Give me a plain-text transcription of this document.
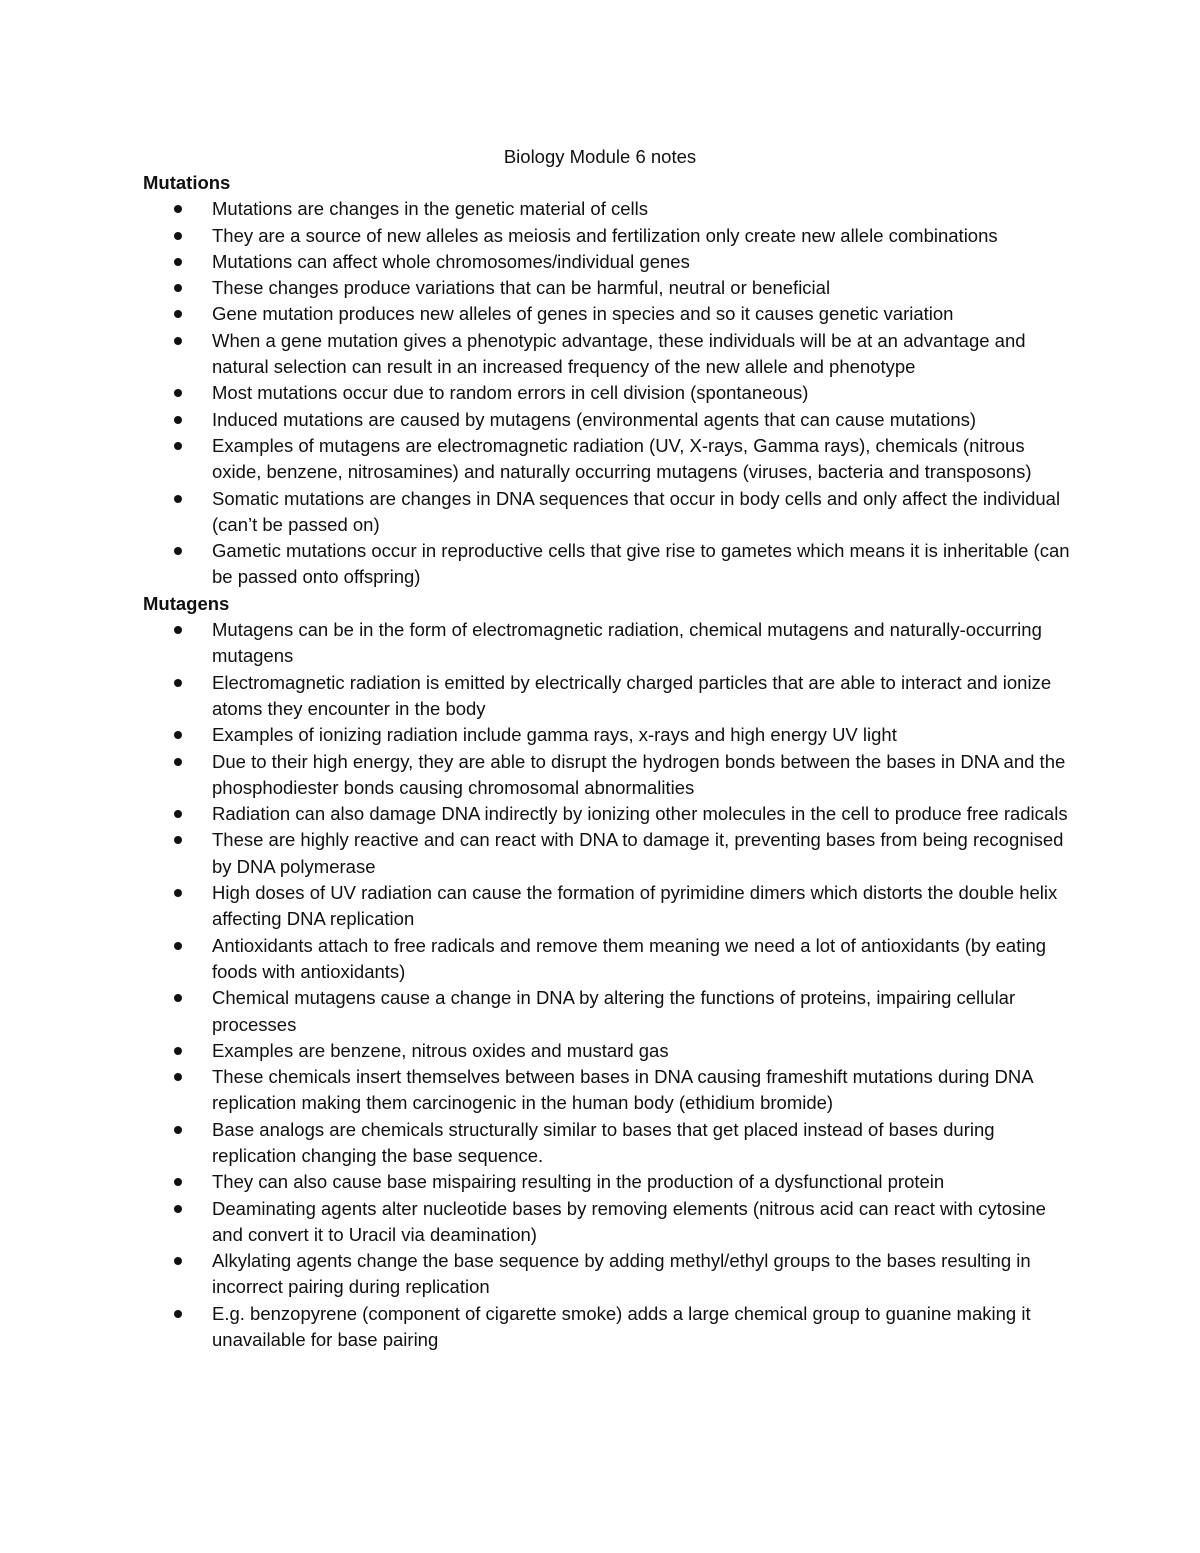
Biology Module 6 notes
Mutations
Mutations are changes in the genetic material of cells
They are a source of new alleles as meiosis and fertilization only create new allele combinations
Mutations can affect whole chromosomes/individual genes
These changes produce variations that can be harmful, neutral or beneficial
Gene mutation produces new alleles of genes in species and so it causes genetic variation
When a gene mutation gives a phenotypic advantage, these individuals will be at an advantage and natural selection can result in an increased frequency of the new allele and phenotype
Most mutations occur due to random errors in cell division (spontaneous)
Induced mutations are caused by mutagens (environmental agents that can cause mutations)
Examples of mutagens are electromagnetic radiation (UV, X-rays, Gamma rays), chemicals (nitrous oxide, benzene, nitrosamines) and naturally occurring mutagens (viruses, bacteria and transposons)
Somatic mutations are changes in DNA sequences that occur in body cells and only affect the individual (can’t be passed on)
Gametic mutations occur in reproductive cells that give rise to gametes which means it is inheritable (can be passed onto offspring)
Mutagens
Mutagens can be in the form of electromagnetic radiation, chemical mutagens and naturally-occurring mutagens
Electromagnetic radiation is emitted by electrically charged particles that are able to interact and ionize atoms they encounter in the body
Examples of ionizing radiation include gamma rays, x-rays and high energy UV light
Due to their high energy, they are able to disrupt the hydrogen bonds between the bases in DNA and the phosphodiester bonds causing chromosomal abnormalities
Radiation can also damage DNA indirectly by ionizing other molecules in the cell to produce free radicals
These are highly reactive and can react with DNA to damage it, preventing bases from being recognised by DNA polymerase
High doses of UV radiation can cause the formation of pyrimidine dimers which distorts the double helix affecting DNA replication
Antioxidants attach to free radicals and remove them meaning we need a lot of antioxidants (by eating foods with antioxidants)
Chemical mutagens cause a change in DNA by altering the functions of proteins, impairing cellular processes
Examples are benzene, nitrous oxides and mustard gas
These chemicals insert themselves between bases in DNA causing frameshift mutations during DNA replication making them carcinogenic in the human body (ethidium bromide)
Base analogs are chemicals structurally similar to bases that get placed instead of bases during replication changing the base sequence.
They can also cause base mispairing resulting in the production of a dysfunctional protein
Deaminating agents alter nucleotide bases by removing elements (nitrous acid can react with cytosine and convert it to Uracil via deamination)
Alkylating agents change the base sequence by adding methyl/ethyl groups to the bases resulting in incorrect pairing during replication
E.g. benzopyrene (component of cigarette smoke) adds a large chemical group to guanine making it unavailable for base pairing
